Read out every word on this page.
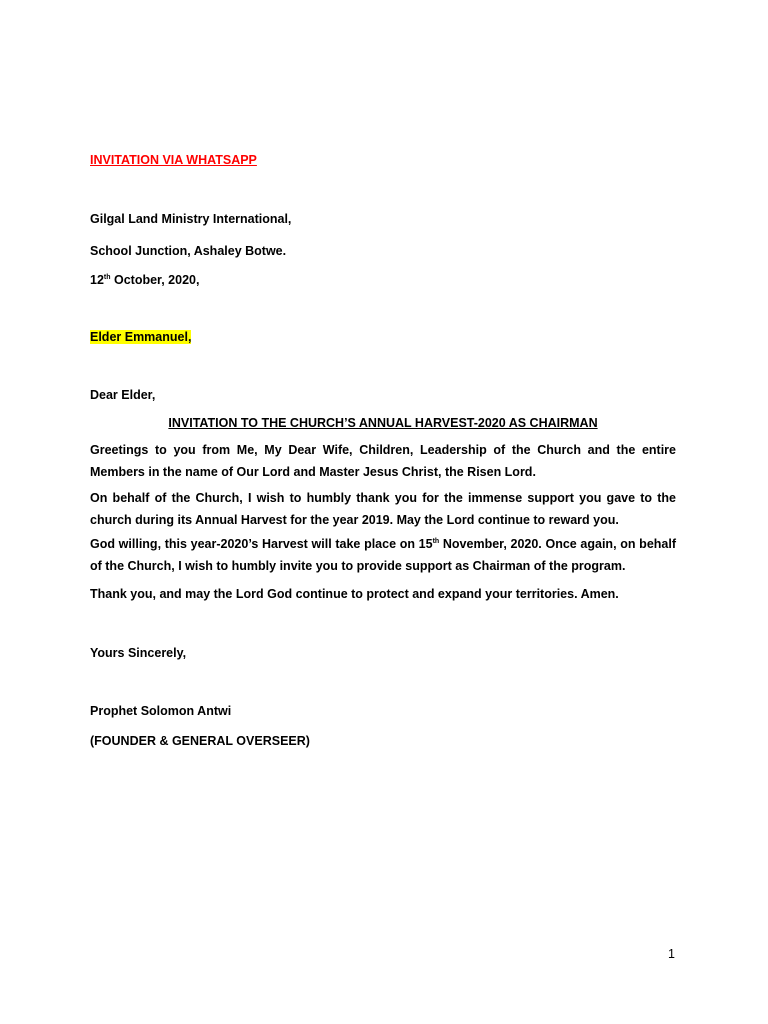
INVITATION VIA WHATSAPP
Gilgal Land Ministry International,
School Junction, Ashaley Botwe.
12th October, 2020,
Elder Emmanuel,
Dear Elder,
INVITATION TO THE CHURCH’S ANNUAL HARVEST-2020 AS CHAIRMAN
Greetings to you from Me, My Dear Wife, Children, Leadership of the Church and the entire Members in the name of Our Lord and Master Jesus Christ, the Risen Lord.
On behalf of the Church, I wish to humbly thank you for the immense support you gave to the church during its Annual Harvest for the year 2019. May the Lord continue to reward you.
God willing, this year-2020’s Harvest will take place on 15th November, 2020. Once again, on behalf of the Church, I wish to humbly invite you to provide support as Chairman of the program.
Thank you, and may the Lord God continue to protect and expand your territories. Amen.
Yours Sincerely,
Prophet Solomon Antwi
(FOUNDER & GENERAL OVERSEER)
1
